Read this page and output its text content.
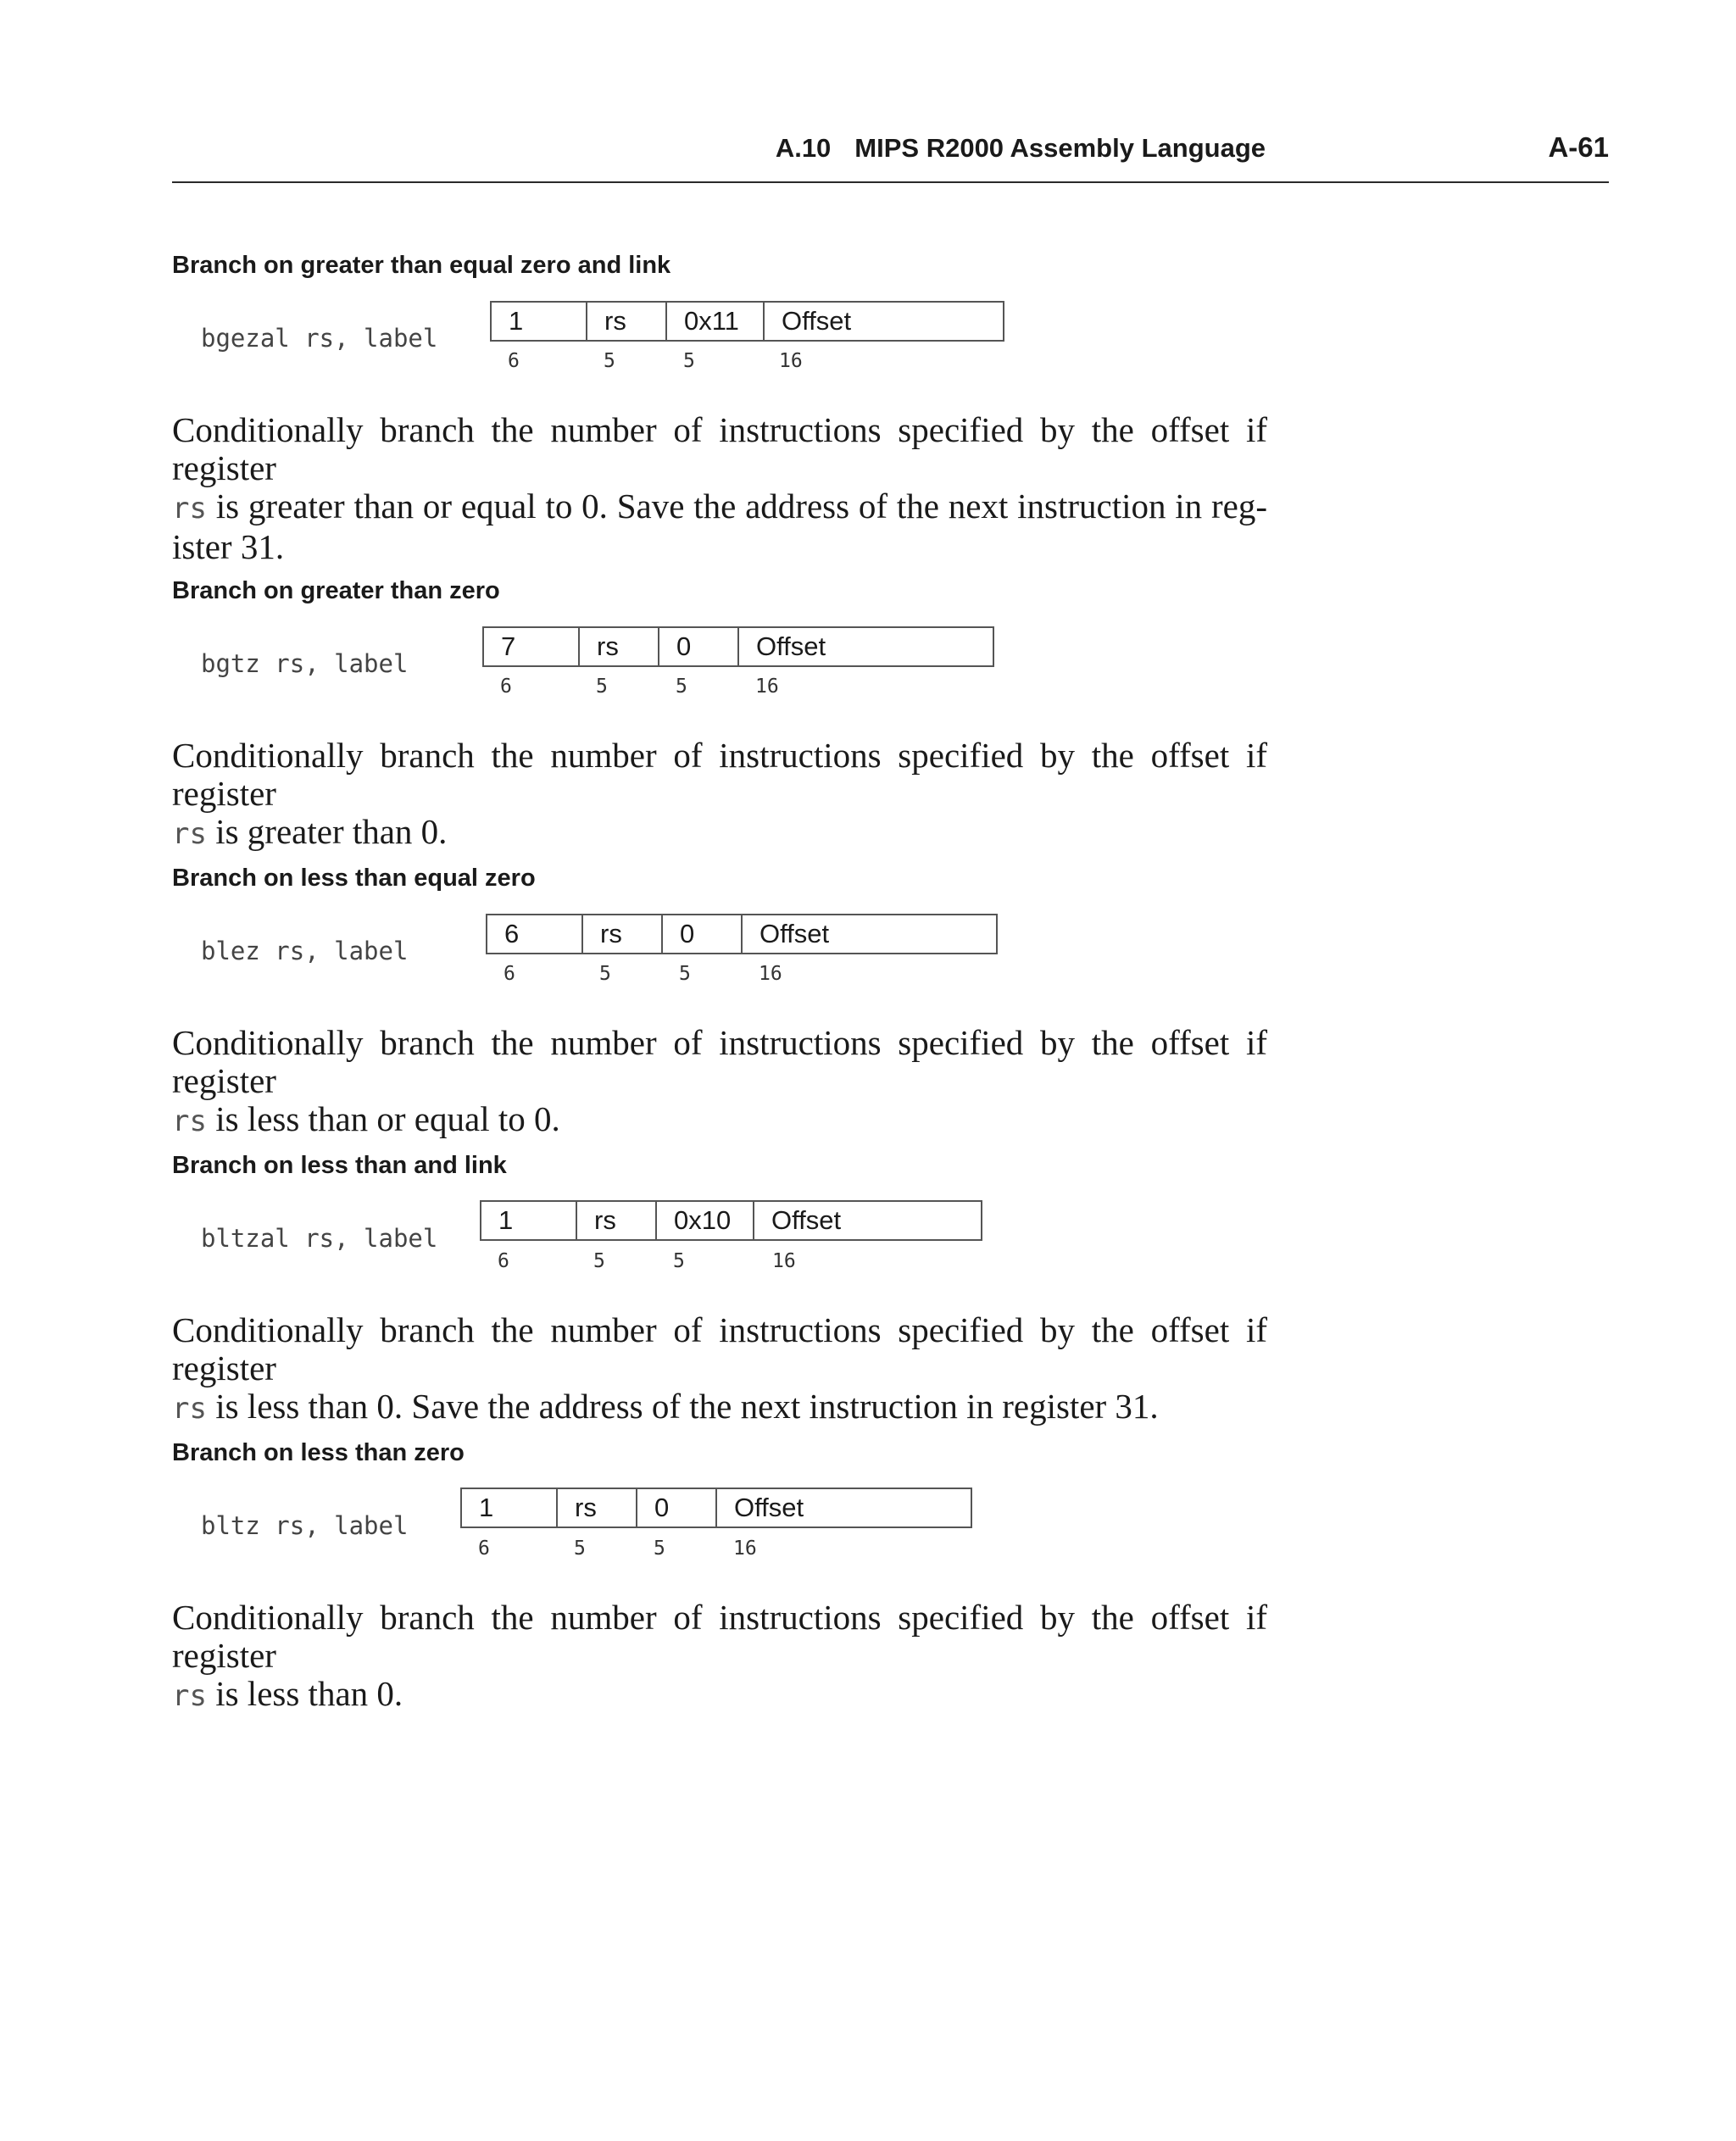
A.10 MIPS R2000 Assembly Language	A-61
Branch on greater than equal zero and link
bgezal rs, label
1	rs	0x11	Offset
6	5	5	16
Conditionally branch the number of instructions specified by the offset if register
rs is greater than or equal to 0. Save the address of the next instruction in reg-
ister 31.
Branch on greater than zero
bgtz rs, label
7	rs	0	Offset
6	5	5	16
Conditionally branch the number of instructions specified by the offset if register
rs is greater than 0.
Branch on less than equal zero
blez rs, label
6	rs	0	Offset
6	5	5	16
Conditionally branch the number of instructions specified by the offset if register
rs is less than or equal to 0.
Branch on less than and link
bltzal rs, label
1	rs	0x10	Offset
6	5	5	16
Conditionally branch the number of instructions specified by the offset if register
rs is less than 0. Save the address of the next instruction in register 31.
Branch on less than zero
bltz rs, label
1	rs	0	Offset
6	5	5	16
Conditionally branch the number of instructions specified by the offset if register
rs is less than 0.
